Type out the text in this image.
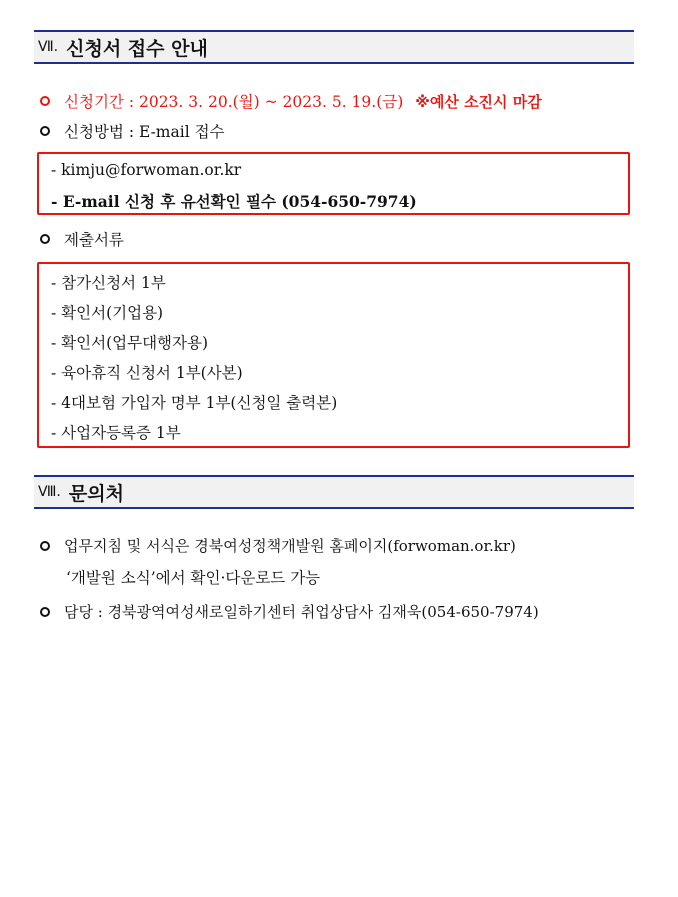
Ⅶ. 신청서 접수 안내
신청기간 : 2023. 3. 20.(월) ~ 2023. 5. 19.(금) ※예산 소진시 마감
신청방법 : E-mail 접수
- kimju@forwoman.or.kr
- E-mail 신청 후 유선확인 필수 (054-650-7974)
제출서류
- 참가신청서 1부
- 확인서(기업용)
- 확인서(업무대행자용)
- 육아휴직 신청서 1부(사본)
- 4대보험 가입자 명부 1부(신청일 출력본)
- 사업자등록증 1부
Ⅷ. 문의처
업무지침 및 서식은 경북여성정책개발원 홈페이지(forwoman.or.kr)
‘개발원 소식’에서 확인·다운로드 가능
담당 : 경북광역여성새로일하기센터 취업상담사 김재욱(054-650-7974)
